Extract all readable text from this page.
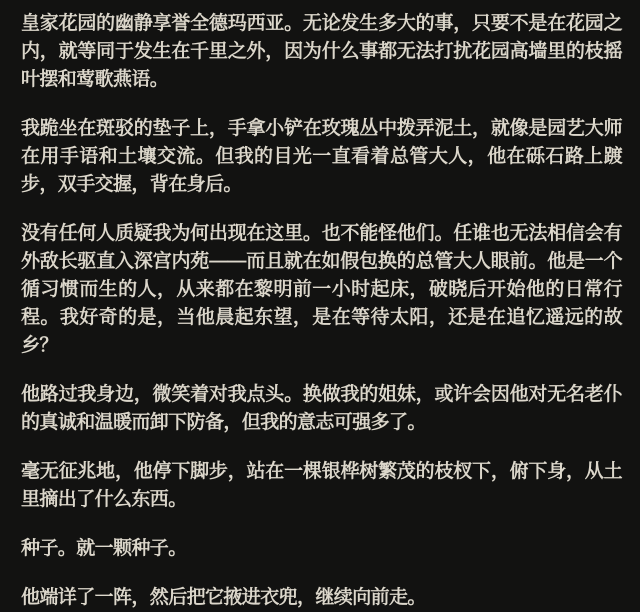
皇家花园的幽静享誉全德玛西亚。无论发生多大的事，只要不是在花园之内，就等同于发生在千里之外，因为什么事都无法打扰花园高墙里的枝摇叶摆和莺歌燕语。

我跪坐在斑驳的垫子上，手拿小铲在玫瑰丛中拨弄泥土，就像是园艺大师在用手语和土壤交流。但我的目光一直看着总管大人，他在砾石路上踱步，双手交握，背在身后。

没有任何人质疑我为何出现在这里。也不能怪他们。任谁也无法相信会有外敌长驱直入深宫内苑——而且就在如假包换的总管大人眼前。他是一个循习惯而生的人，从来都在黎明前一小时起床，破晓后开始他的日常行程。我好奇的是，当他晨起东望，是在等待太阳，还是在追忆遥远的故乡？

他路过我身边，微笑着对我点头。换做我的姐妹，或许会因他对无名老仆的真诚和温暖而卸下防备，但我的意志可强多了。

毫无征兆地，他停下脚步，站在一棵银桦树繁茂的枝杈下，俯下身，从土里摘出了什么东西。

种子。就一颗种子。

他端详了一阵，然后把它掖进衣兜，继续向前走。
